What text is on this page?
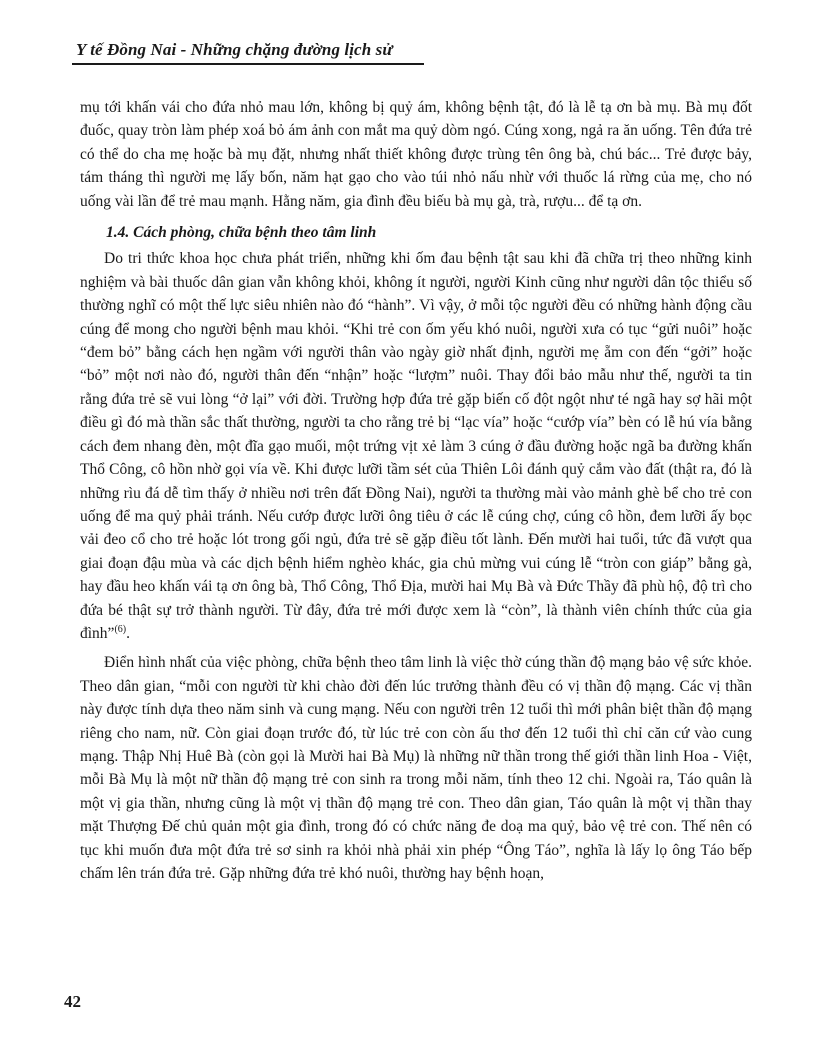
Y tế Đồng Nai - Những chặng đường lịch sử

mụ tới khấn vái cho đứa nhỏ mau lớn, không bị quỷ ám, không bệnh tật, đó là lễ tạ ơn bà mụ. Bà mụ đốt đuốc, quay tròn làm phép xoá bỏ ám ảnh con mắt ma quỷ dòm ngó. Cúng xong, ngả ra ăn uống. Tên đứa trẻ có thể do cha mẹ hoặc bà mụ đặt, nhưng nhất thiết không được trùng tên ông bà, chú bác... Trẻ được bảy, tám tháng thì người mẹ lấy bốn, năm hạt gạo cho vào túi nhỏ nấu nhừ với thuốc lá rừng của mẹ, cho nó uống vài lần để trẻ mau mạnh. Hằng năm, gia đình đều biếu bà mụ gà, trà, rượu... để tạ ơn.

1.4. Cách phòng, chữa bệnh theo tâm linh

Do tri thức khoa học chưa phát triển, những khi ốm đau bệnh tật sau khi đã chữa trị theo những kinh nghiệm và bài thuốc dân gian vẫn không khỏi, không ít người, người Kinh cũng như người dân tộc thiểu số thường nghĩ có một thế lực siêu nhiên nào đó “hành”. Vì vậy, ở mỗi tộc người đều có những hành động cầu cúng để mong cho người bệnh mau khỏi. “Khi trẻ con ốm yếu khó nuôi, người xưa có tục “gửi nuôi” hoặc “đem bỏ” bằng cách hẹn ngầm với người thân vào ngày giờ nhất định, người mẹ ẵm con đến “gởi” hoặc “bỏ” một nơi nào đó, người thân đến “nhận” hoặc “lượm” nuôi. Thay đổi bảo mẫu như thế, người ta tin rằng đứa trẻ sẽ vui lòng “ở lại” với đời. Trường hợp đứa trẻ gặp biến cố đột ngột như té ngã hay sợ hãi một điều gì đó mà thần sắc thất thường, người ta cho rằng trẻ bị “lạc vía” hoặc “cướp vía” bèn có lễ hú vía bằng cách đem nhang đèn, một đĩa gạo muối, một trứng vịt xẻ làm 3 cúng ở đầu đường hoặc ngã ba đường khấn Thổ Công, cô hồn nhờ gọi vía về. Khi được lưỡi tầm sét của Thiên Lôi đánh quỷ cắm vào đất (thật ra, đó là những rìu đá dễ tìm thấy ở nhiều nơi trên đất Đồng Nai), người ta thường mài vào mảnh ghè bể cho trẻ con uống để ma quỷ phải tránh. Nếu cướp được lưỡi ông tiêu ở các lễ cúng chợ, cúng cô hồn, đem lưỡi ấy bọc vải đeo cổ cho trẻ hoặc lót trong gối ngủ, đứa trẻ sẽ gặp điều tốt lành. Đến mười hai tuổi, tức đã vượt qua giai đoạn đậu mùa và các dịch bệnh hiểm nghèo khác, gia chủ mừng vui cúng lễ “tròn con giáp” bằng gà, hay đầu heo khấn vái tạ ơn ông bà, Thổ Công, Thổ Địa, mười hai Mụ Bà và Đức Thầy đã phù hộ, độ trì cho đứa bé thật sự trở thành người. Từ đây, đứa trẻ mới được xem là “còn”, là thành viên chính thức của gia đình”$^{(6)}$.

Điển hình nhất của việc phòng, chữa bệnh theo tâm linh là việc thờ cúng thần độ mạng bảo vệ sức khỏe. Theo dân gian, “mỗi con người từ khi chào đời đến lúc trưởng thành đều có vị thần độ mạng. Các vị thần này được tính dựa theo năm sinh và cung mạng. Nếu con người trên 12 tuổi thì mới phân biệt thần độ mạng riêng cho nam, nữ. Còn giai đoạn trước đó, từ lúc trẻ con còn ấu thơ đến 12 tuổi thì chỉ căn cứ vào cung mạng. Thập Nhị Huê Bà (còn gọi là Mười hai Bà Mụ) là những nữ thần trong thế giới thần linh Hoa - Việt, mỗi Bà Mụ là một nữ thần độ mạng trẻ con sinh ra trong mỗi năm, tính theo 12 chi. Ngoài ra, Táo quân là một vị gia thần, nhưng cũng là một vị thần độ mạng trẻ con. Theo dân gian, Táo quân là một vị thần thay mặt Thượng Đế chủ quản một gia đình, trong đó có chức năng đe doạ ma quỷ, bảo vệ trẻ con. Thế nên có tục khi muốn đưa một đứa trẻ sơ sinh ra khỏi nhà phải xin phép “Ông Táo”, nghĩa là lấy lọ ông Táo bếp chấm lên trán đứa trẻ. Gặp những đứa trẻ khó nuôi, thường hay bệnh hoạn,

42
